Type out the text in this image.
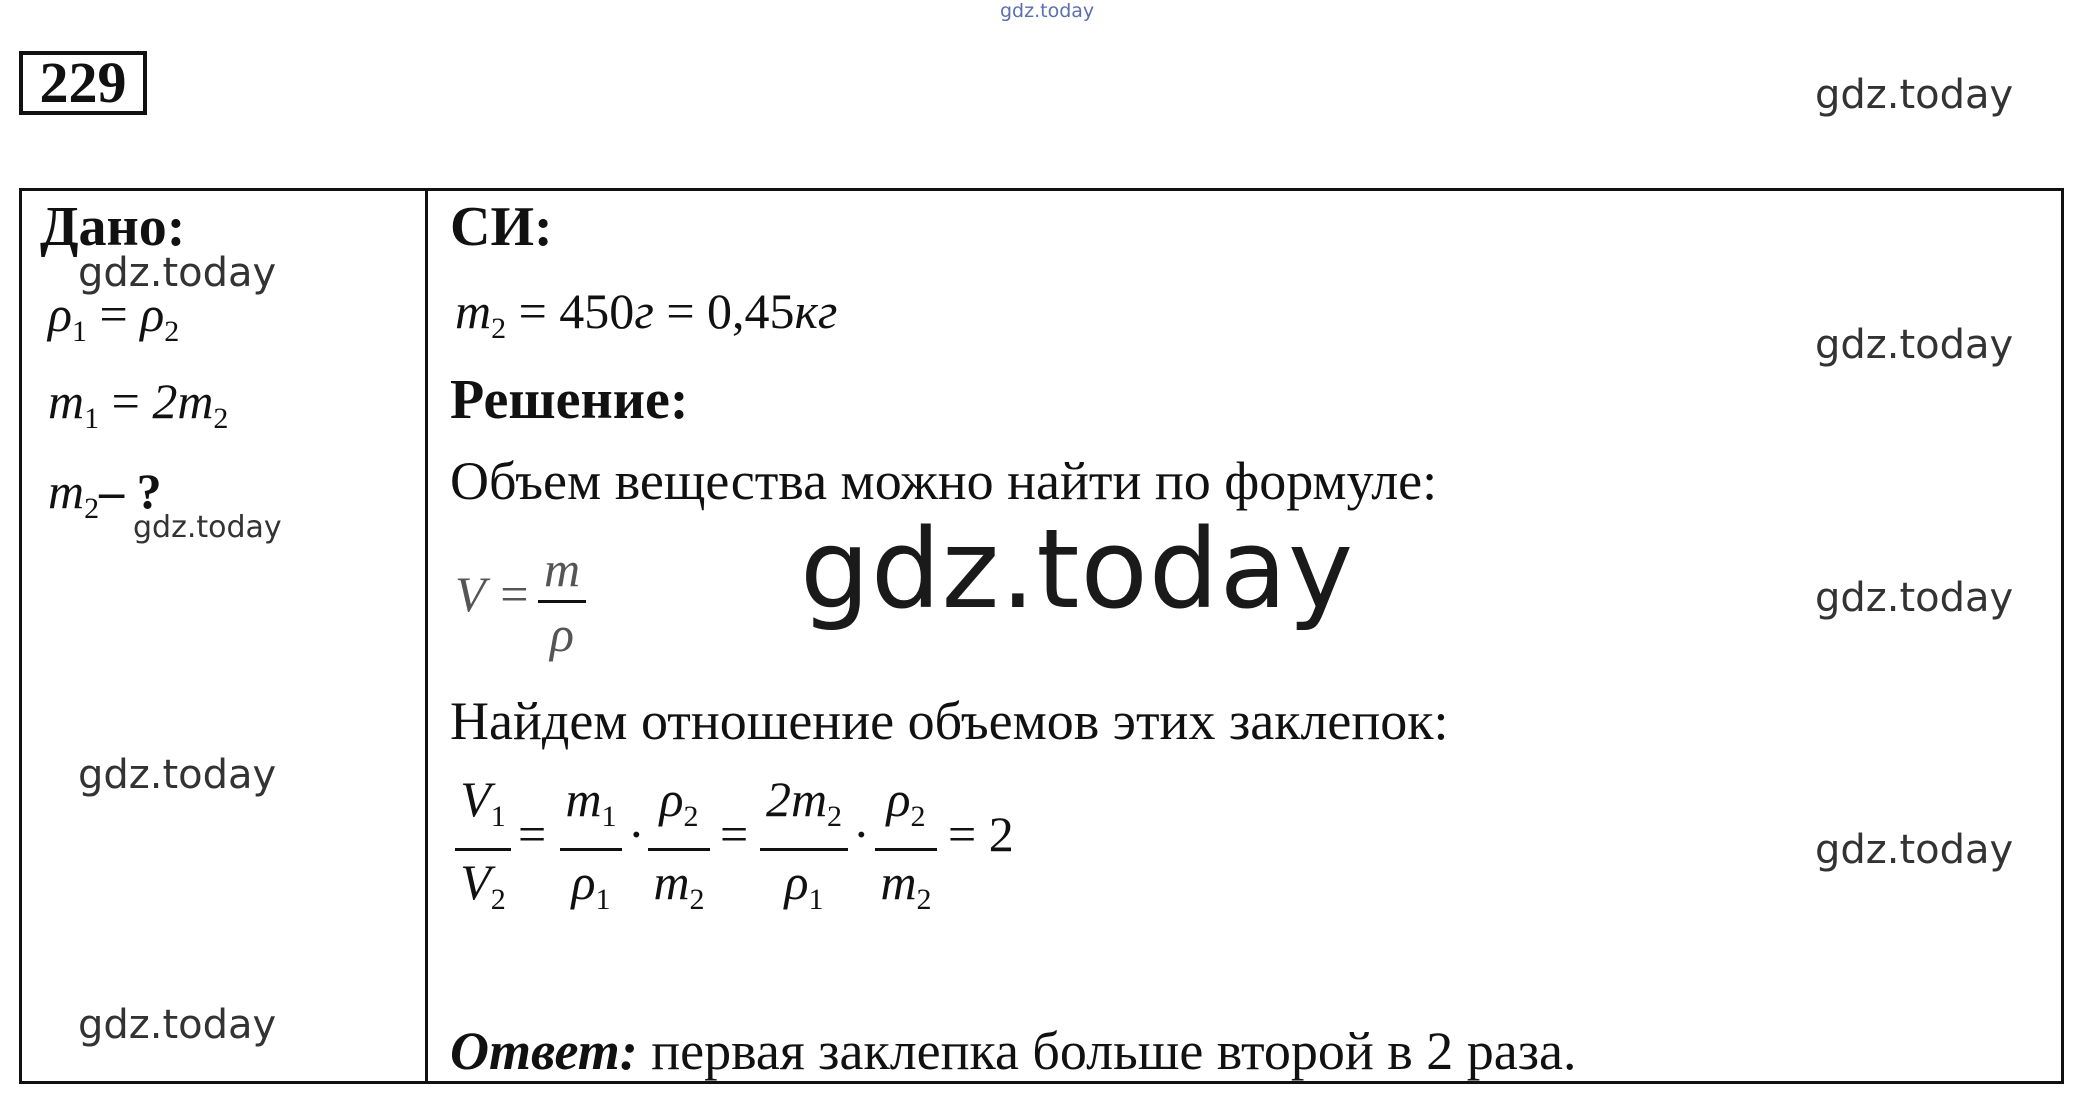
gdz.today
gdz.today
gdz.today
gdz.today
gdz.today
gdz.today
gdz.today
gdz.today
gdz.today
229
Дано:
$\rho_1 = \rho_2$
$m_1 = 2m_2$
$m_2-$ ?
СИ:
$m_2 = 450г = 0,45кг$
Решение:
Объем вещества можно найти по формуле:
V = m
ρ
gdz.today
Найдем отношение объемов этих заклепок:
$V_1$
$V_2$
=
$m_1$
$\rho_1$
·
$\rho_2$
$m_2$
=
$2m_2$
$\rho_1$
·
$\rho_2$
$m_2$
= 2
Ответ: первая заклепка больше второй в 2 раза.
